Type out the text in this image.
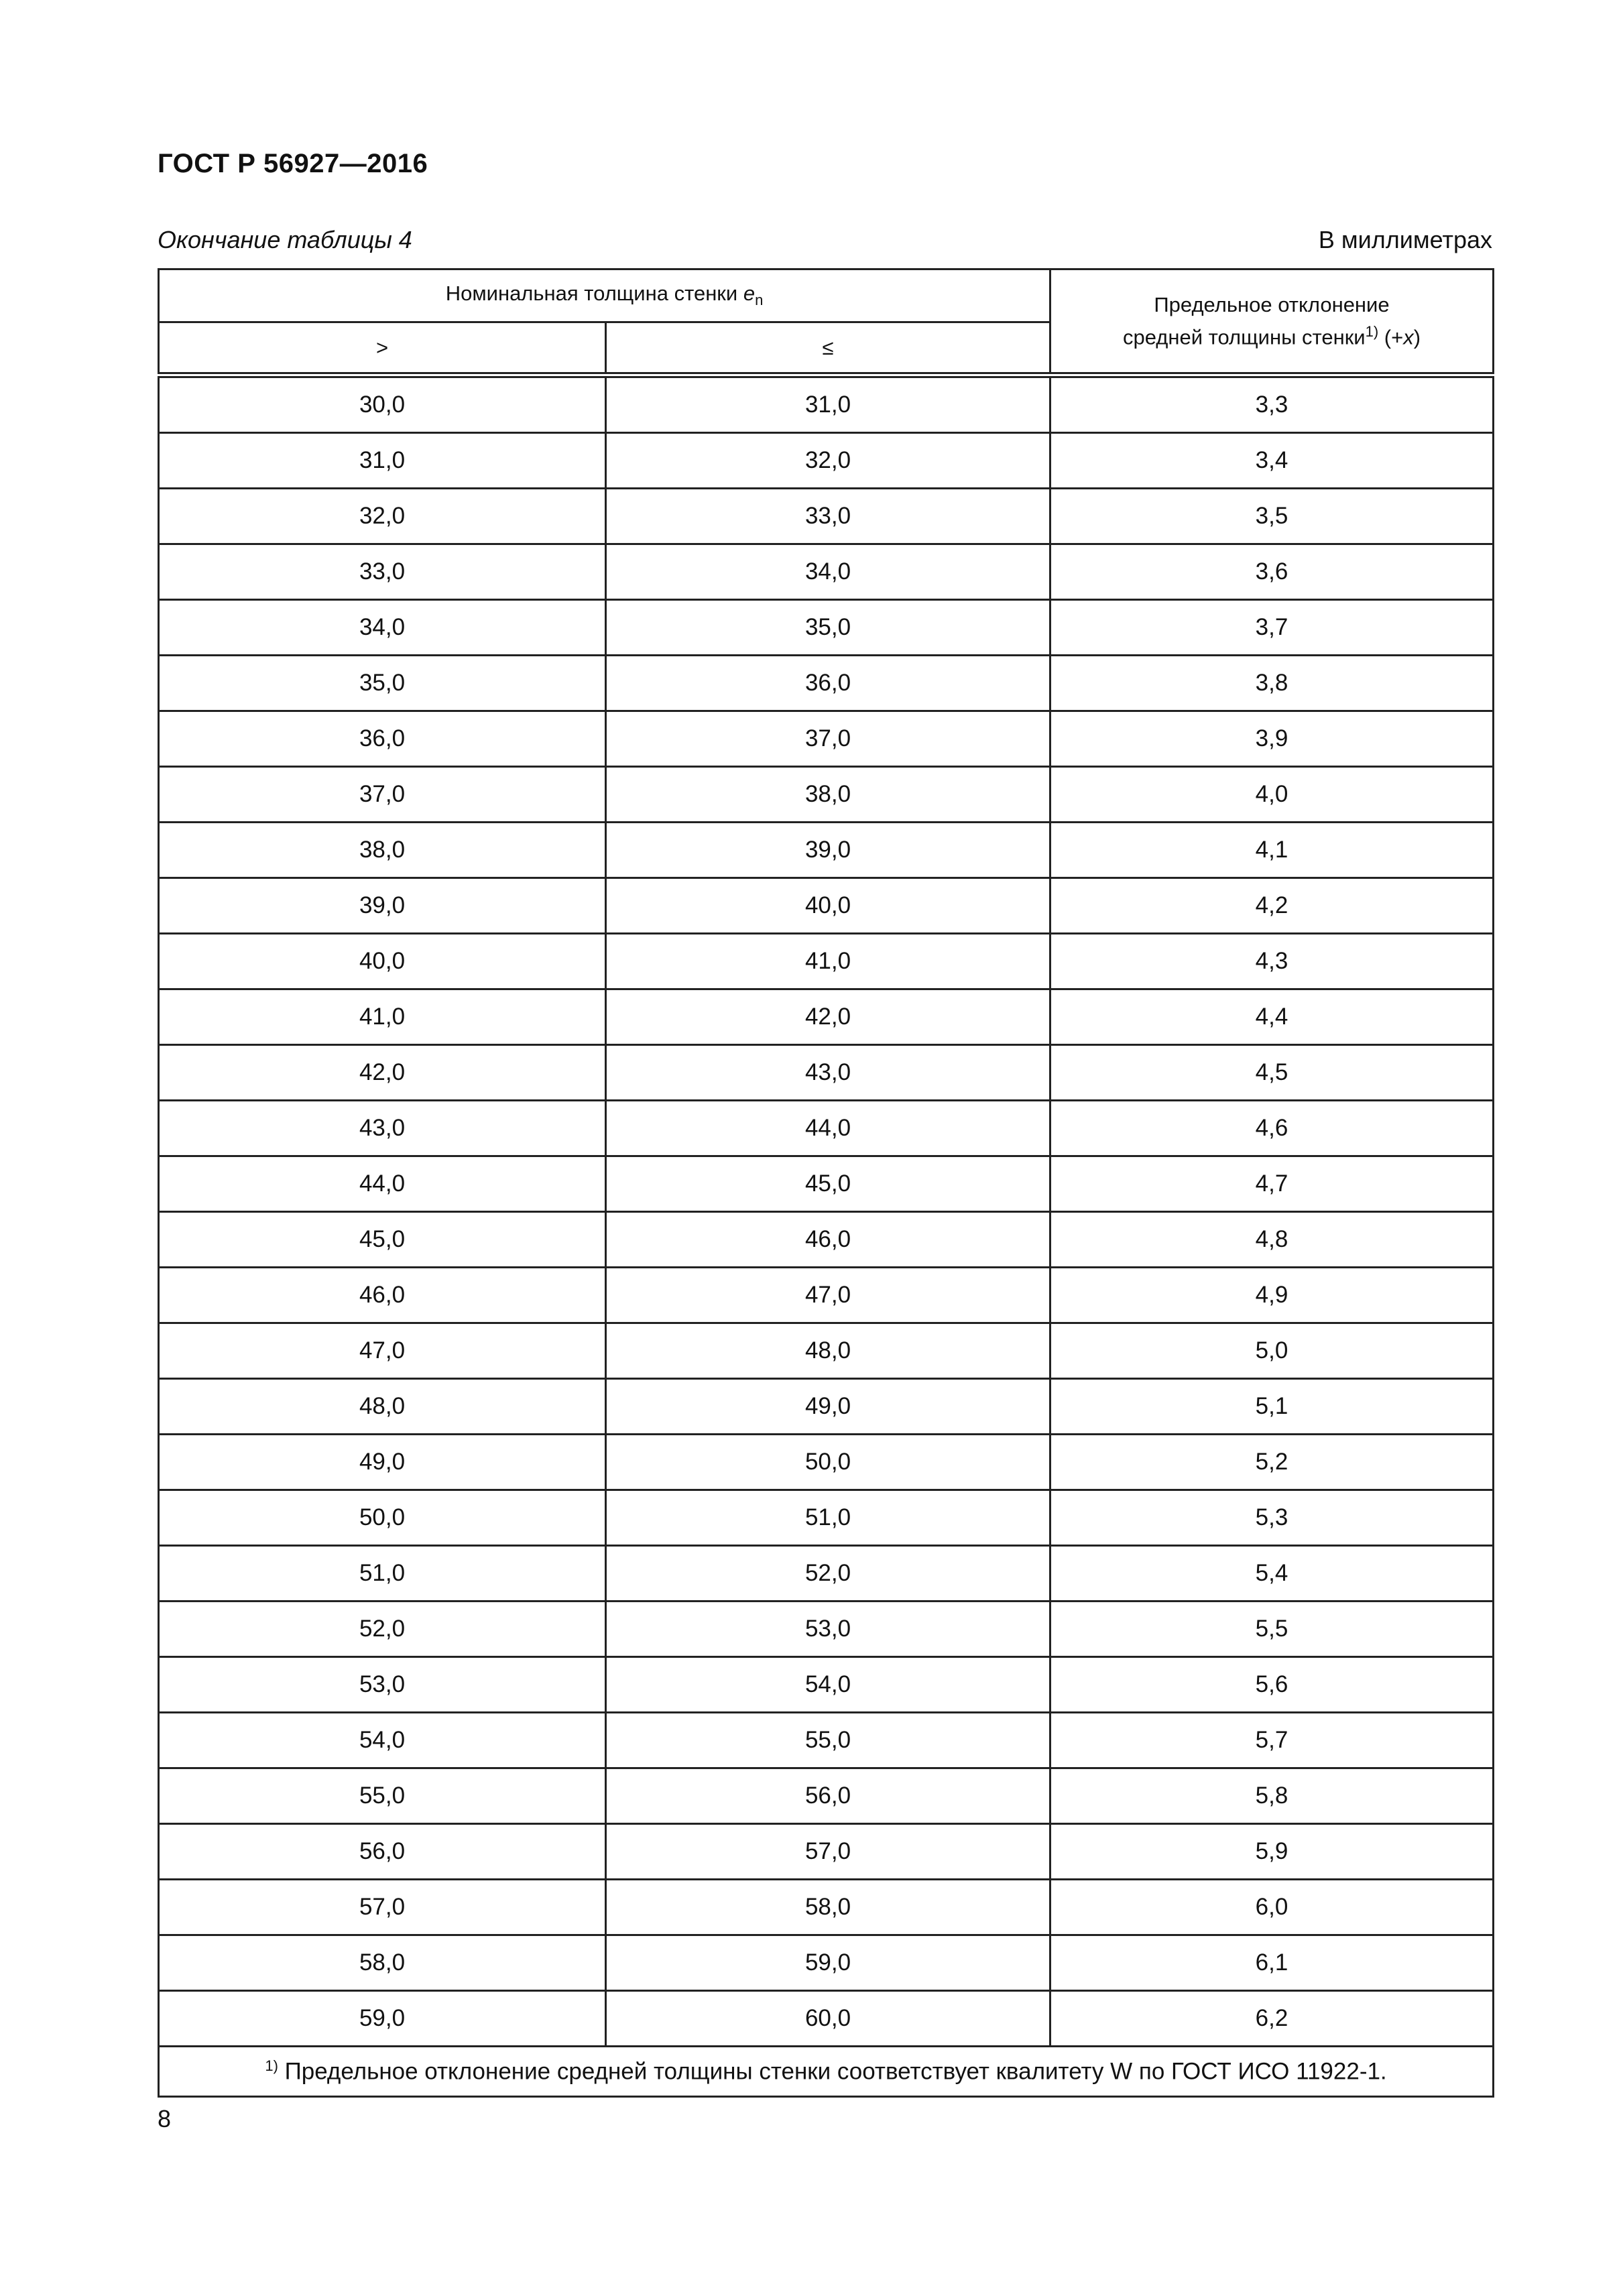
ГОСТ Р 56927—2016
Окончание таблицы 4	В миллиметрах
Номинальная толщина стенки $e_n$		Предельное отклонение
средней толщины стенки$^{1)}$ (+x)
>	≤	
30,0	31,0	3,3
31,0	32,0	3,4
32,0	33,0	3,5
33,0	34,0	3,6
34,0	35,0	3,7
35,0	36,0	3,8
36,0	37,0	3,9
37,0	38,0	4,0
38,0	39,0	4,1
39,0	40,0	4,2
40,0	41,0	4,3
41,0	42,0	4,4
42,0	43,0	4,5
43,0	44,0	4,6
44,0	45,0	4,7
45,0	46,0	4,8
46,0	47,0	4,9
47,0	48,0	5,0
48,0	49,0	5,1
49,0	50,0	5,2
50,0	51,0	5,3
51,0	52,0	5,4
52,0	53,0	5,5
53,0	54,0	5,6
54,0	55,0	5,7
55,0	56,0	5,8
56,0	57,0	5,9
57,0	58,0	6,0
58,0	59,0	6,1
59,0	60,0	6,2
$^{1)}$ Предельное отклонение средней толщины стенки соответствует квалитету W по ГОСТ ИСО 11922-1.		
8
